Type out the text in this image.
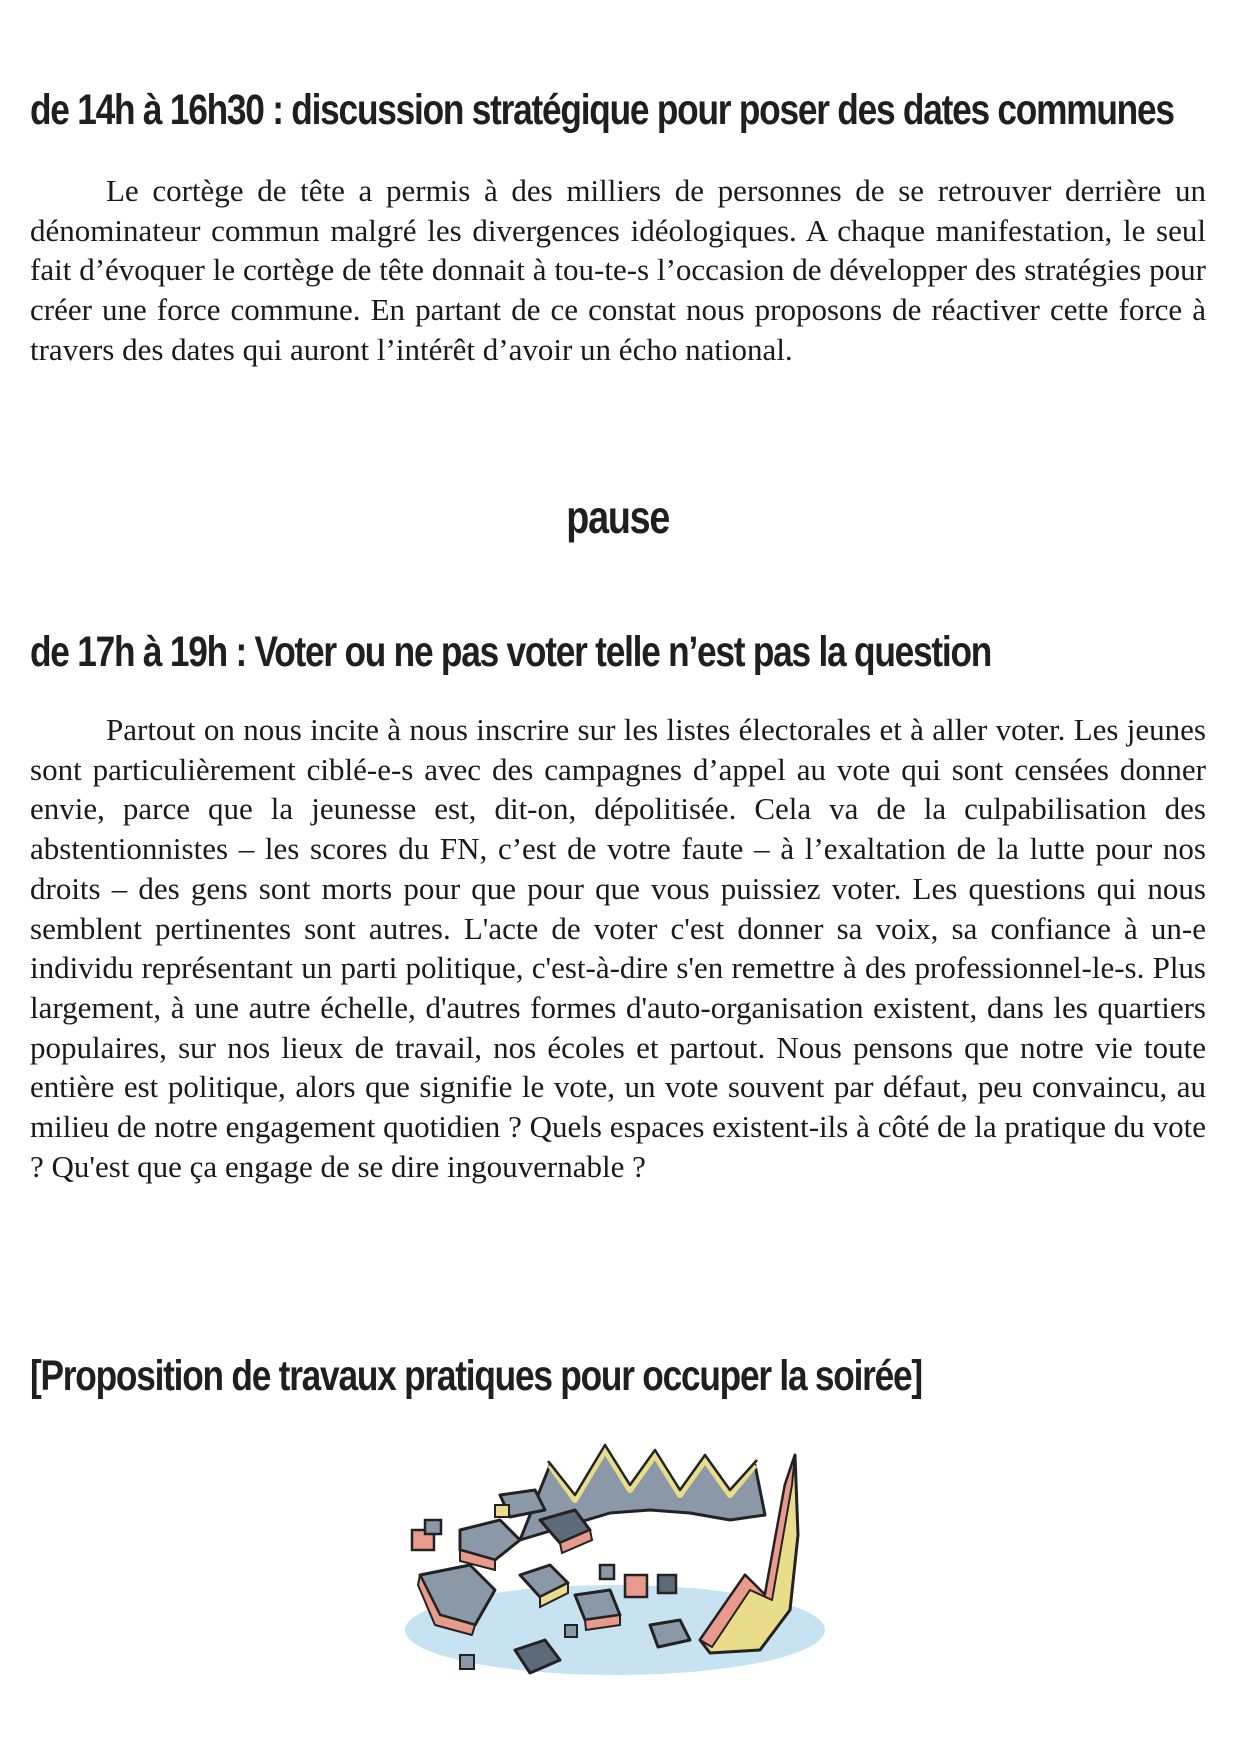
de 14h à 16h30 : discussion stratégique pour poser des dates communes

Le cortège de tête a permis à des milliers de personnes de se retrouver derrière un dénominateur commun malgré les divergences idéologiques. A chaque manifestation, le seul fait d’évoquer le cortège de tête donnait à tou-te-s l’occasion de développer des stratégies pour créer une force commune. En partant de ce constat nous proposons de réactiver cette force à travers des dates qui auront l’intérêt d’avoir un écho national.

pause
de 17h à 19h : Voter ou ne pas voter telle n’est pas la question

Partout on nous incite à nous inscrire sur les listes électorales et à aller voter. Les jeunes sont particulièrement ciblé-e-s avec des campagnes d’appel au vote qui sont censées donner envie, parce que la jeunesse est, dit-on, dépolitisée. Cela va de la culpabilisation des abstentionnistes – les scores du FN, c’est de votre faute – à l’exaltation de la lutte pour nos droits – des gens sont morts pour que pour que vous puissiez voter. Les questions qui nous semblent pertinentes sont autres. L'acte de voter c'est donner sa voix, sa confiance à un-e individu représentant un parti politique, c'est-à-dire s'en remettre à des professionnel-le-s. Plus largement, à une autre échelle, d'autres formes d'auto-organisation existent, dans les quartiers populaires, sur nos lieux de travail, nos écoles et partout. Nous pensons que notre vie toute entière est politique, alors que signifie le vote, un vote souvent par défaut, peu convaincu, au milieu de notre engagement quotidien ? Quels espaces existent-ils à côté de la pratique du vote ? Qu'est que ça engage de se dire ingouvernable ?

[Proposition de travaux pratiques pour occuper la soirée]
